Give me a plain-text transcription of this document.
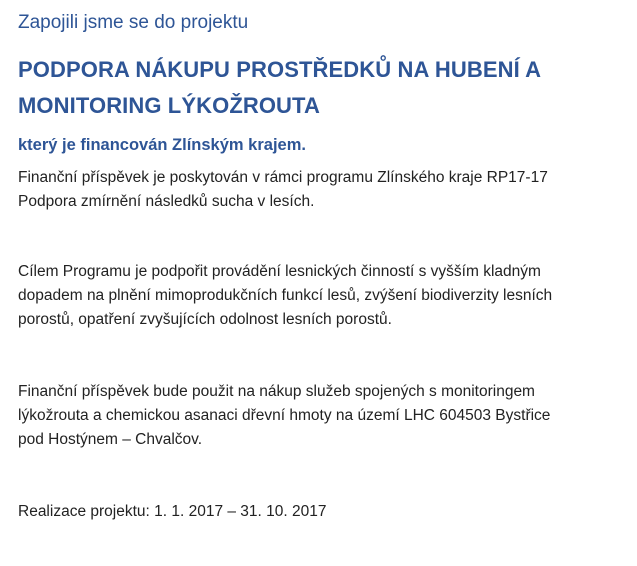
Zapojili jsme se do projektu

PODPORA NÁKUPU PROSTŘEDKŮ NA HUBENÍ A
MONITORING LÝKOŽROUTA

který je financován Zlínským krajem.

Finanční příspěvek je poskytován v rámci programu Zlínského kraje RP17-17
Podpora zmírnění následků sucha v lesích.

Cílem Programu je podpořit provádění lesnických činností s vyšším kladným
dopadem na plnění mimoprodukčních funkcí lesů, zvýšení biodiverzity lesních
porostů, opatření zvyšujících odolnost lesních porostů.

Finanční příspěvek bude použit na nákup služeb spojených s monitoringem
lýkožrouta a chemickou asanaci dřevní hmoty na území LHC 604503 Bystřice
pod Hostýnem – Chvalčov.

Realizace projektu: 1. 1. 2017 – 31. 10. 2017
